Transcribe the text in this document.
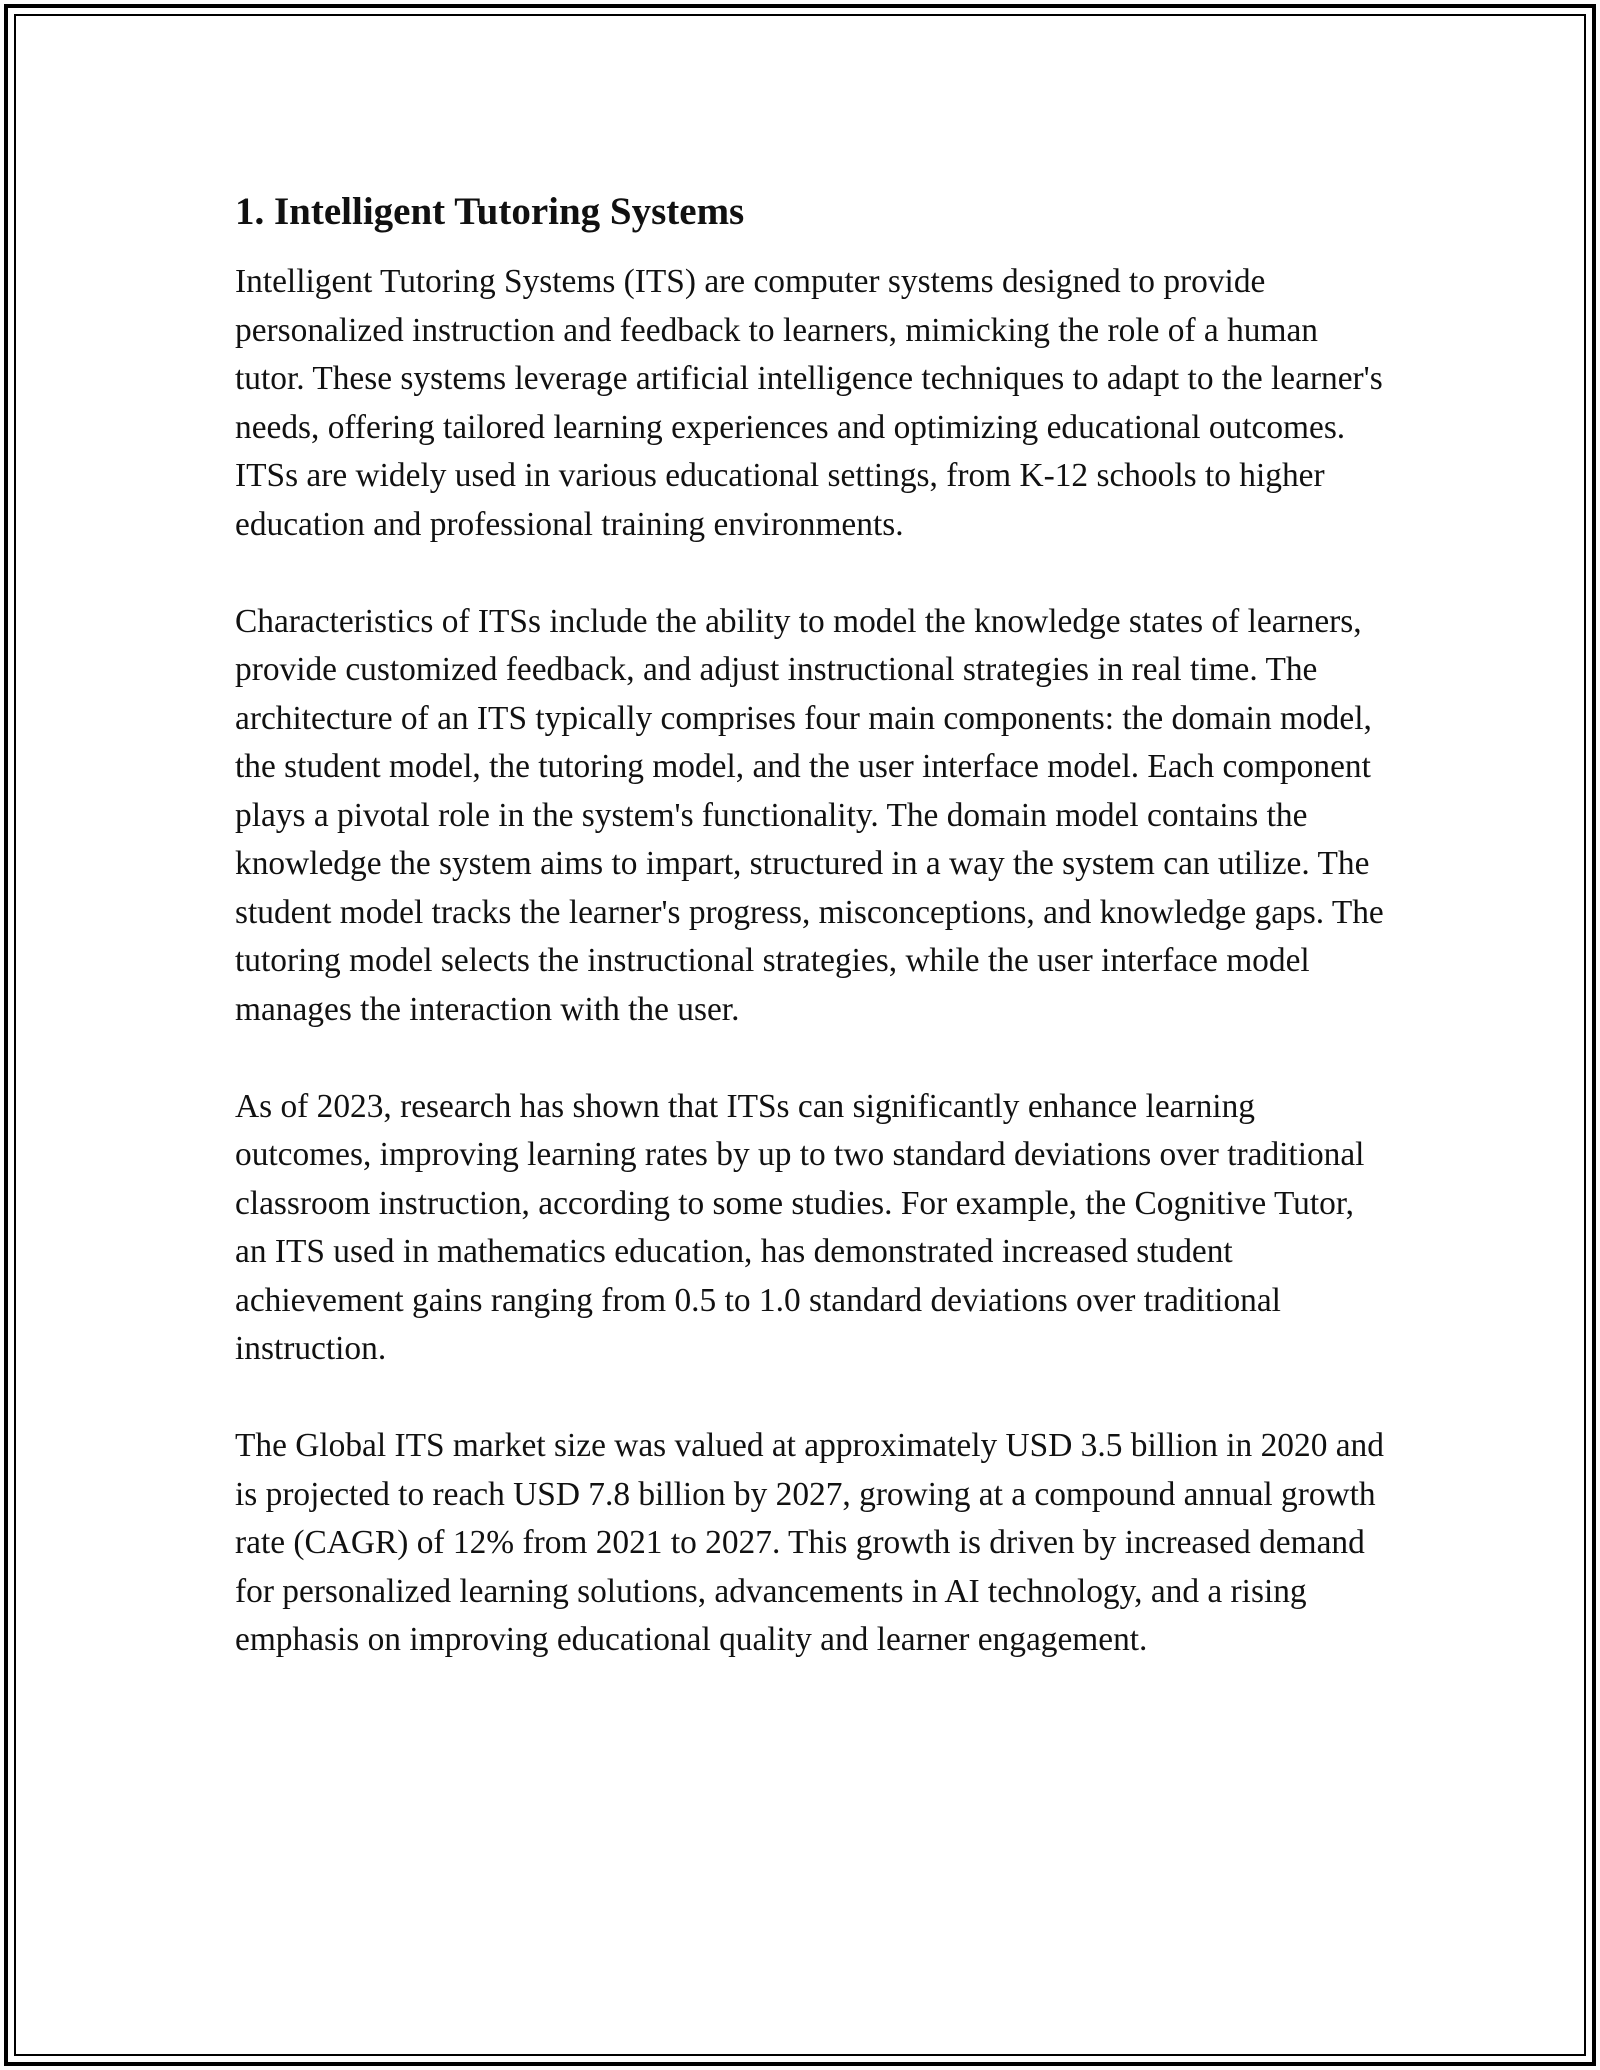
1. Intelligent Tutoring Systems

Intelligent Tutoring Systems (ITS) are computer systems designed to provide personalized instruction and feedback to learners, mimicking the role of a human tutor. These systems leverage artificial intelligence techniques to adapt to the learner's needs, offering tailored learning experiences and optimizing educational outcomes. ITSs are widely used in various educational settings, from K-12 schools to higher education and professional training environments.

Characteristics of ITSs include the ability to model the knowledge states of learners, provide customized feedback, and adjust instructional strategies in real time. The architecture of an ITS typically comprises four main components: the domain model, the student model, the tutoring model, and the user interface model. Each component plays a pivotal role in the system's functionality. The domain model contains the knowledge the system aims to impart, structured in a way the system can utilize. The student model tracks the learner's progress, misconceptions, and knowledge gaps. The tutoring model selects the instructional strategies, while the user interface model manages the interaction with the user.

As of 2023, research has shown that ITSs can significantly enhance learning outcomes, improving learning rates by up to two standard deviations over traditional classroom instruction, according to some studies. For example, the Cognitive Tutor, an ITS used in mathematics education, has demonstrated increased student achievement gains ranging from 0.5 to 1.0 standard deviations over traditional instruction.

The Global ITS market size was valued at approximately USD 3.5 billion in 2020 and is projected to reach USD 7.8 billion by 2027, growing at a compound annual growth rate (CAGR) of 12% from 2021 to 2027. This growth is driven by increased demand for personalized learning solutions, advancements in AI technology, and a rising emphasis on improving educational quality and learner engagement.
